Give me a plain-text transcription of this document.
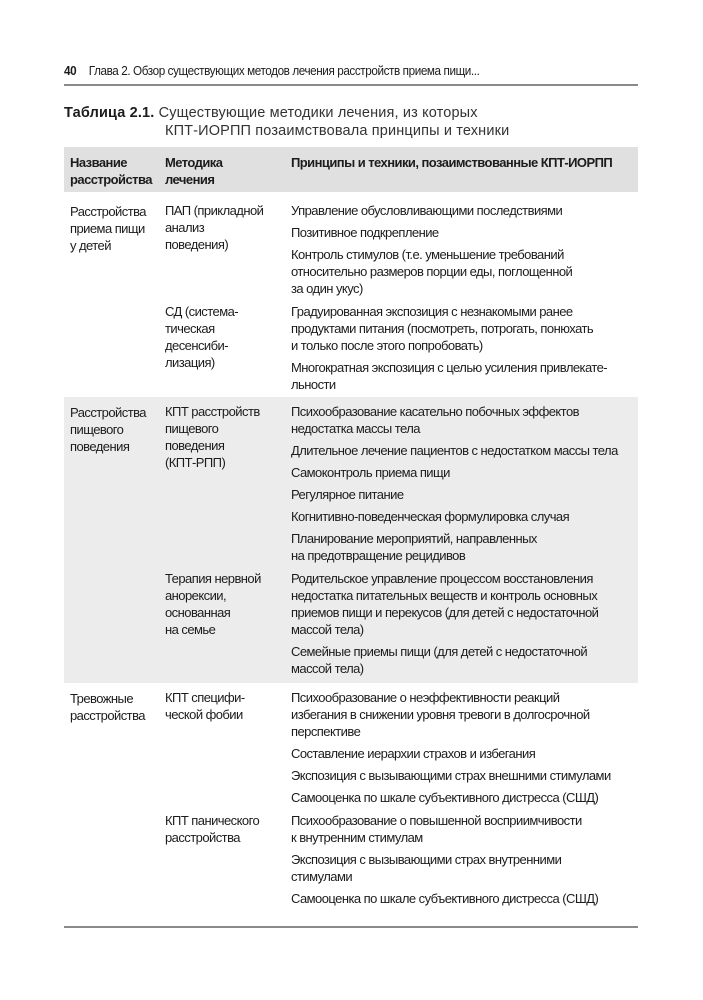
40 Глава 2. Обзор существующих методов лечения расстройств приема пищи...
Таблица 2.1. Существующие методики лечения, из которых
КПТ-ИОРПП позаимствовала принципы и техники
Название
расстройства
Методика
лечения
Принципы и техники, позаимствованные КПТ-ИОРПП
Расстройства
приема пищи
у детей
ПАП (прикладной
анализ
поведения)
Управление обусловливающими последствиями
Позитивное подкрепление
Контроль стимулов (т.е. уменьшение требований
относительно размеров порции еды, поглощенной
за один укус)
СД (система-
тическая
десенсиби-
лизация)
Градуированная экспозиция с незнакомыми ранее
продуктами питания (посмотреть, потрогать, понюхать
и только после этого попробовать)
Многократная экспозиция с целью усиления привлекате-
льности
Расстройства
пищевого
поведения
КПТ расстройств
пищевого
поведения
(КПТ-РПП)
Психообразование касательно побочных эффектов
недостатка массы тела
Длительное лечение пациентов с недостатком массы тела
Самоконтроль приема пищи
Регулярное питание
Когнитивно-поведенческая формулировка случая
Планирование мероприятий, направленных
на предотвращение рецидивов
Терапия нервной
анорексии,
основанная
на семье
Родительское управление процессом восстановления
недостатка питательных веществ и контроль основных
приемов пищи и перекусов (для детей с недостаточной
массой тела)
Семейные приемы пищи (для детей с недостаточной
массой тела)
Тревожные
расстройства
КПТ специфи-
ческой фобии
Психообразование о неэффективности реакций
избегания в снижении уровня тревоги в долгосрочной
перспективе
Составление иерархии страхов и избегания
Экспозиция с вызывающими страх внешними стимулами
Самооценка по шкале субъективного дистресса (СШД)
КПТ панического
расстройства
Психообразование о повышенной восприимчивости
к внутренним стимулам
Экспозиция с вызывающими страх внутренними
стимулами
Самооценка по шкале субъективного дистресса (СШД)
